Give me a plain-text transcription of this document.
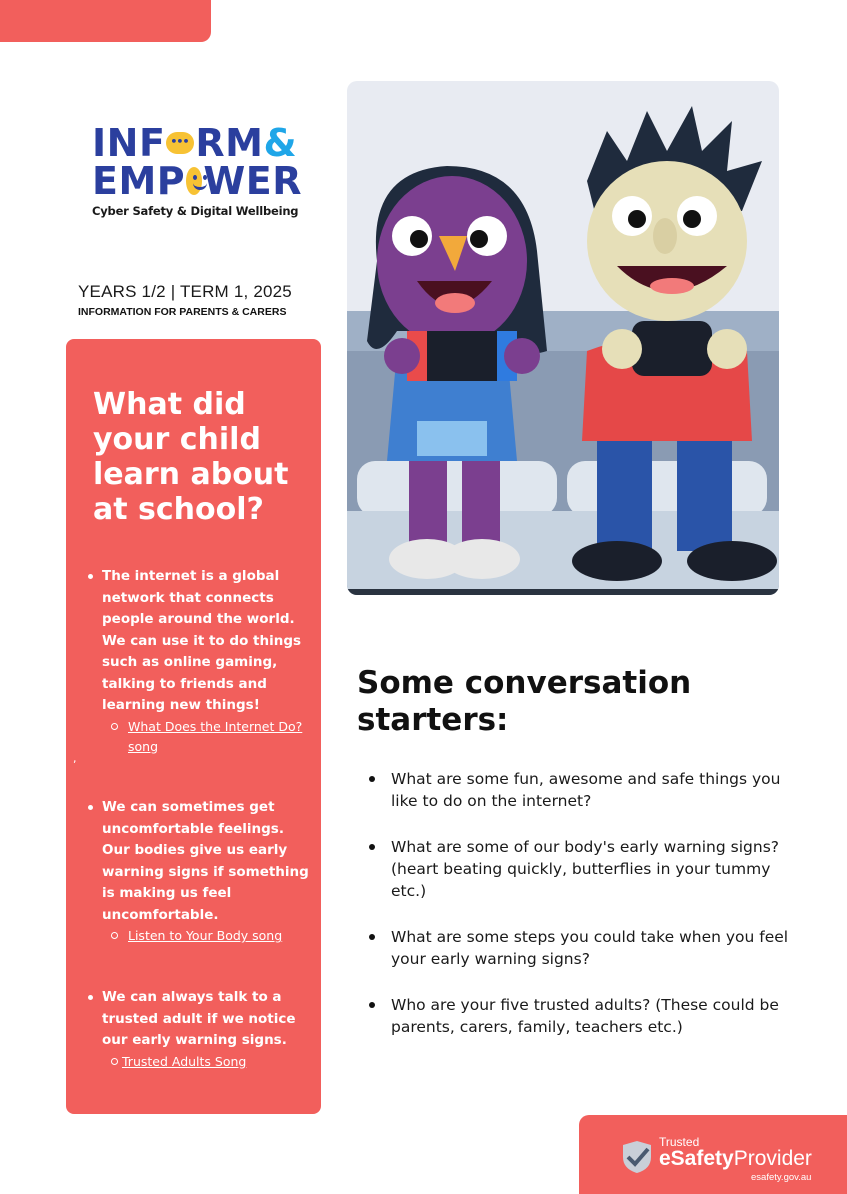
INF
••• RM &
EMP WER
Cyber Safety & Digital Wellbeing
YEARS 1/2 | TERM 1, 2025
INFORMATION FOR PARENTS & CARERS
What did your child learn about at school?
The internet is a global network that connects people around the world. We can use it to do things such as online gaming, talking to friends and learning new things!
What Does the Internet Do? song
,
We can sometimes get uncomfortable feelings. Our bodies give us early warning signs if something is making us feel uncomfortable.
Listen to Your Body song
We can always talk to a trusted adult if we notice our early warning signs.
Trusted Adults Song
Some conversation starters:
What are some fun, awesome and safe things you like to do on the internet?
What are some of our body's early warning signs? (heart beating quickly, butterflies in your tummy etc.)
What are some steps you could take when you feel your early warning signs?
Who are your five trusted adults? (These could be parents, carers, family, teachers etc.)
Trusted
eSafetyProvider
esafety.gov.au
